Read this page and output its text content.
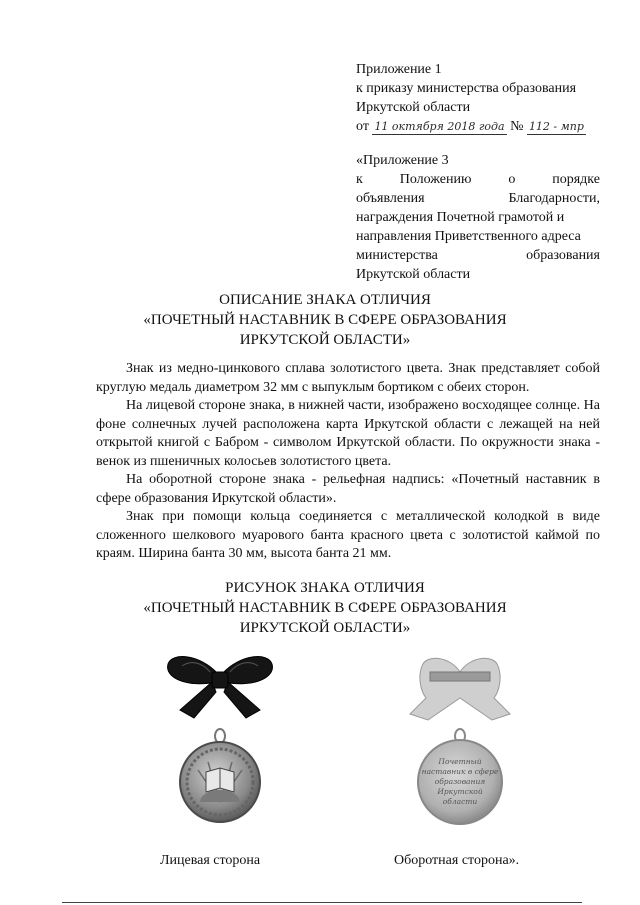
Приложение 1
к приказу министерства образования
Иркутской области
от
11 октября 2018 года
№
112 - мпр
«Приложение 3
к	Положению	о	порядке
объявления	Благодарности,
награждения Почетной грамотой и
направления Приветственного адреса
министерства	образования
Иркутской области
ОПИСАНИЕ ЗНАКА ОТЛИЧИЯ
«ПОЧЕТНЫЙ НАСТАВНИК В СФЕРЕ ОБРАЗОВАНИЯ
ИРКУТСКОЙ ОБЛАСТИ»

Знак из медно-цинкового сплава золотистого цвета. Знак представляет собой круглую медаль диаметром 32 мм с выпуклым бортиком с обеих сторон.

На лицевой стороне знака, в нижней части, изображено восходящее солнце. На фоне солнечных лучей расположена карта Иркутской области с лежащей на ней открытой книгой с Бабром - символом Иркутской области. По окружности знака - венок из пшеничных колосьев золотистого цвета.

На оборотной стороне знака - рельефная надпись: «Почетный наставник в сфере образования Иркутской области».

Знак при помощи кольца соединяется с металлической колодкой в виде сложенного шелкового муарового банта красного цвета с золотистой каймой по краям. Ширина банта 30 мм, высота банта 21 мм.

РИСУНОК ЗНАКА ОТЛИЧИЯ
«ПОЧЕТНЫЙ НАСТАВНИК В СФЕРЕ ОБРАЗОВАНИЯ
ИРКУТСКОЙ ОБЛАСТИ»
Почетный
наставник в сфере
образования
Иркутской
области
Лицевая сторона	Оборотная сторона».
